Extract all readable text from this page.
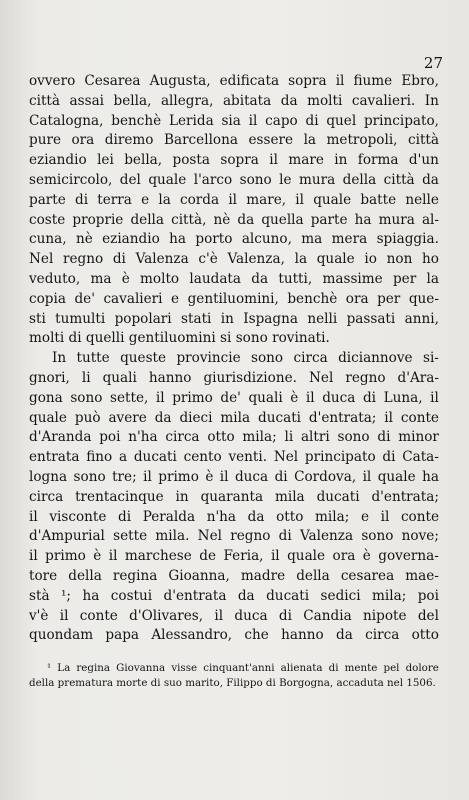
27
ovvero Cesarea Augusta, edificata sopra il fiume Ebro,
città assai bella, allegra, abitata da molti cavalieri. In
Catalogna, benchè Lerida sia il capo di quel principato,
pure ora diremo Barcellona essere la metropoli, città
eziandio lei bella, posta sopra il mare in forma d'un
semicircolo, del quale l'arco sono le mura della città da
parte di terra e la corda il mare, il quale batte nelle
coste proprie della città, nè da quella parte ha mura al-
cuna, nè eziandio ha porto alcuno, ma mera spiaggia.
Nel regno di Valenza c'è Valenza, la quale io non ho
veduto, ma è molto laudata da tutti, massime per la
copia de' cavalieri e gentiluomini, benchè ora per que-
sti tumulti popolari stati in Ispagna nelli passati anni,
molti di quelli gentiluomini si sono rovinati.
In tutte queste provincie sono circa diciannove si-
gnori, li quali hanno giurisdizione. Nel regno d'Ara-
gona sono sette, il primo de' quali è il duca di Luna, il
quale può avere da dieci mila ducati d'entrata; il conte
d'Aranda poi n'ha circa otto mila; li altri sono di minor
entrata fino a ducati cento venti. Nel principato di Cata-
logna sono tre; il primo è il duca di Cordova, il quale ha
circa trentacinque in quaranta mila ducati d'entrata;
il visconte di Peralda n'ha da otto mila; e il conte
d'Ampurial sette mila. Nel regno di Valenza sono nove;
il primo è il marchese de Feria, il quale ora è governa-
tore della regina Gioanna, madre della cesarea mae-
stà ¹; ha costui d'entrata da ducati sedici mila; poi
v'è il conte d'Olivares, il duca di Candia nipote del
quondam papa Alessandro, che hanno da circa otto
¹ La regina Giovanna visse cinquant'anni alienata di mente pel dolore
della prematura morte di suo marito, Filippo di Borgogna, accaduta nel 1506.
